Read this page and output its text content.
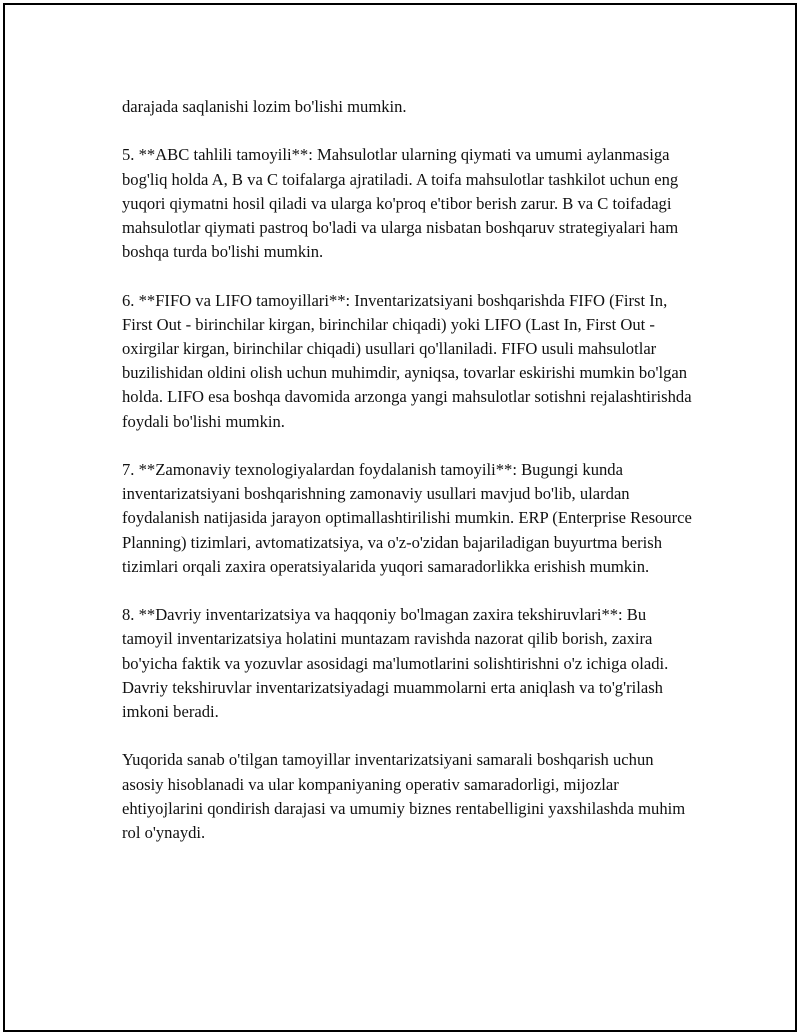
darajada saqlanishi lozim bo'lishi mumkin.

5. **ABC tahlili tamoyili**: Mahsulotlar ularning qiymati va umumi aylanmasiga bog'liq holda A, B va C toifalarga ajratiladi. A toifa mahsulotlar tashkilot uchun eng yuqori qiymatni hosil qiladi va ularga ko'proq e'tibor berish zarur. B va C toifadagi mahsulotlar qiymati pastroq bo'ladi va ularga nisbatan boshqaruv strategiyalari ham boshqa turda bo'lishi mumkin.

6. **FIFO va LIFO tamoyillari**: Inventarizatsiyani boshqarishda FIFO (First In, First Out - birinchilar kirgan, birinchilar chiqadi) yoki LIFO (Last In, First Out - oxirgilar kirgan, birinchilar chiqadi) usullari qo'llaniladi. FIFO usuli mahsulotlar buzilishidan oldini olish uchun muhimdir, ayniqsa, tovarlar eskirishi mumkin bo'lgan holda. LIFO esa boshqa davomida arzonga yangi mahsulotlar sotishni rejalashtirishda foydali bo'lishi mumkin.

7. **Zamonaviy texnologiyalardan foydalanish tamoyili**: Bugungi kunda inventarizatsiyani boshqarishning zamonaviy usullari mavjud bo'lib, ulardan foydalanish natijasida jarayon optimallashtirilishi mumkin. ERP (Enterprise Resource Planning) tizimlari, avtomatizatsiya, va o'z-o'zidan bajariladigan buyurtma berish tizimlari orqali zaxira operatsiyalarida yuqori samaradorlikka erishish mumkin.

8. **Davriy inventarizatsiya va haqqoniy bo'lmagan zaxira tekshiruvlari**: Bu tamoyil inventarizatsiya holatini muntazam ravishda nazorat qilib borish, zaxira bo'yicha faktik va yozuvlar asosidagi ma'lumotlarini solishtirishni o'z ichiga oladi. Davriy tekshiruvlar inventarizatsiyadagi muammolarni erta aniqlash va to'g'rilash imkoni beradi.

Yuqorida sanab o'tilgan tamoyillar inventarizatsiyani samarali boshqarish uchun asosiy hisoblanadi va ular kompaniyaning operativ samaradorligi, mijozlar ehtiyojlarini qondirish darajasi va umumiy biznes rentabelligini yaxshilashda muhim rol o'ynaydi.
